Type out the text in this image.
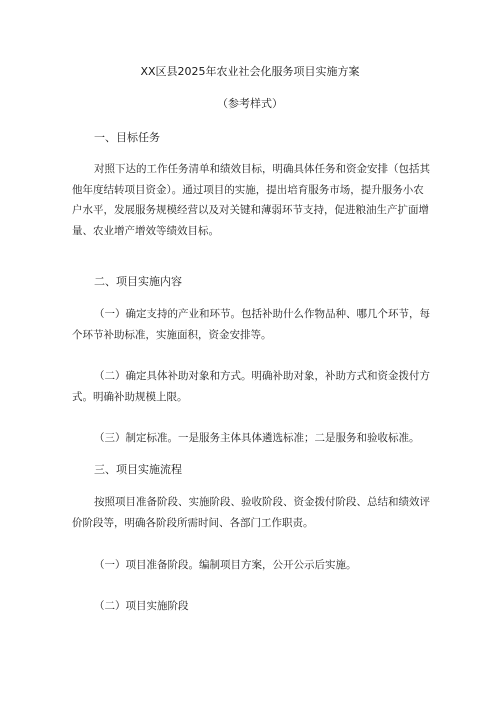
XX区县2025年农业社会化服务项目实施方案
（参考样式）
一、目标任务
对照下达的工作任务清单和绩效目标，明确具体任务和资金安排（包括其
他年度结转项目资金）。通过项目的实施，提出培育服务市场，提升服务小农
户水平，发展服务规模经营以及对关键和薄弱环节支持，促进粮油生产扩面增
量、农业增产增效等绩效目标。
二、项目实施内容
（一）确定支持的产业和环节。包括补助什么作物品种、哪几个环节，每
个环节补助标准，实施面积，资金安排等。
（二）确定具体补助对象和方式。明确补助对象，补助方式和资金拨付方
式。明确补助规模上限。
（三）制定标准。一是服务主体具体遴选标准；二是服务和验收标准。
三、项目实施流程
按照项目准备阶段、实施阶段、验收阶段、资金拨付阶段、总结和绩效评
价阶段等，明确各阶段所需时间、各部门工作职责。
（一）项目准备阶段。编制项目方案，公开公示后实施。
（二）项目实施阶段
